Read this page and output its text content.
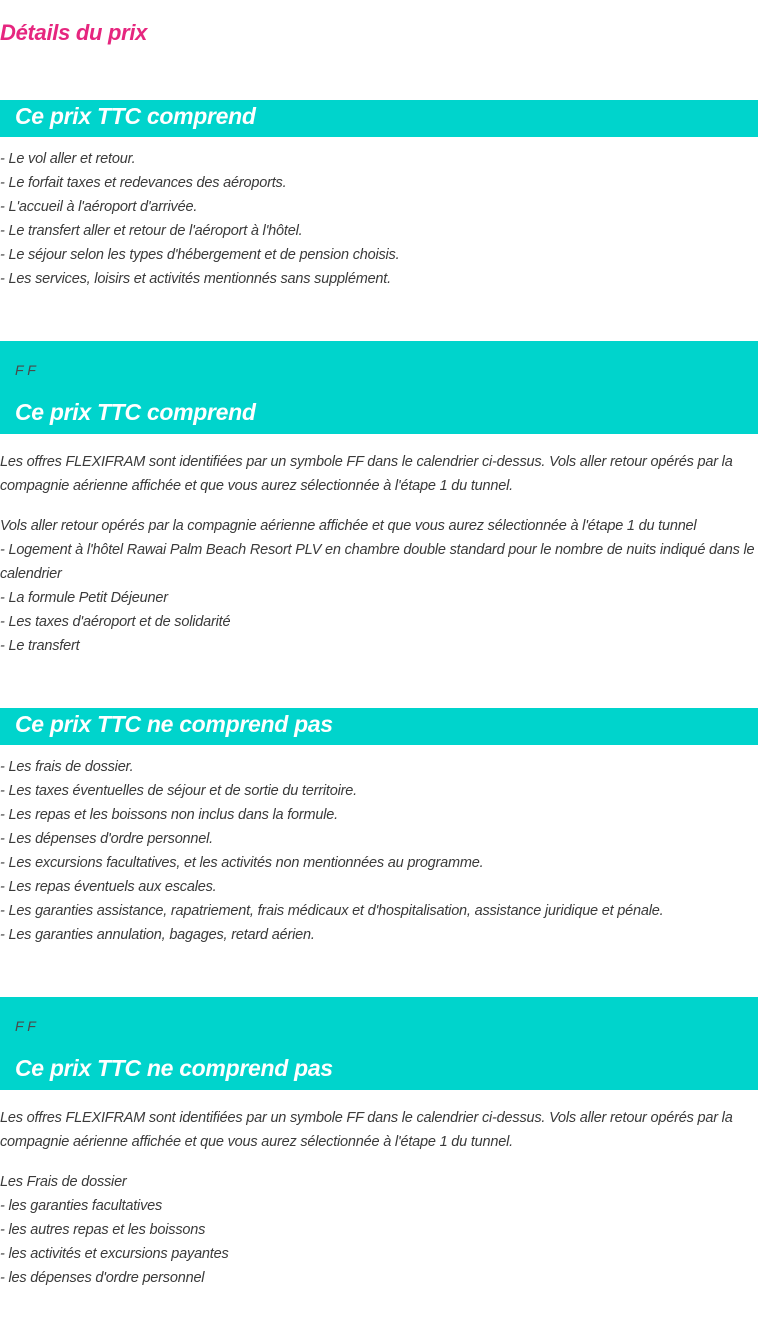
Détails du prix
Ce prix TTC comprend
- Le vol aller et retour.
- Le forfait taxes et redevances des aéroports.
- L'accueil à l'aéroport d'arrivée.
- Le transfert aller et retour de l'aéroport à l'hôtel.
- Le séjour selon les types d'hébergement et de pension choisis.
- Les services, loisirs et activités mentionnés sans supplément.
F F
Ce prix TTC comprend

Les offres FLEXIFRAM sont identifiées par un symbole FF dans le calendrier ci-dessus. Vols aller retour opérés par la compagnie aérienne affichée et que vous aurez sélectionnée à l'étape 1 du tunnel.

Vols aller retour opérés par la compagnie aérienne affichée et que vous aurez sélectionnée à l'étape 1 du tunnel
- Logement à l'hôtel Rawai Palm Beach Resort PLV en chambre double standard pour le nombre de nuits indiqué dans le calendrier
- La formule Petit Déjeuner
- Les taxes d'aéroport et de solidarité
- Le transfert
Ce prix TTC ne comprend pas
- Les frais de dossier.
- Les taxes éventuelles de séjour et de sortie du territoire.
- Les repas et les boissons non inclus dans la formule.
- Les dépenses d'ordre personnel.
- Les excursions facultatives, et les activités non mentionnées au programme.
- Les repas éventuels aux escales.
- Les garanties assistance, rapatriement, frais médicaux et d'hospitalisation, assistance juridique et pénale.
- Les garanties annulation, bagages, retard aérien.
F F
Ce prix TTC ne comprend pas

Les offres FLEXIFRAM sont identifiées par un symbole FF dans le calendrier ci-dessus. Vols aller retour opérés par la compagnie aérienne affichée et que vous aurez sélectionnée à l'étape 1 du tunnel.

Les Frais de dossier
- les garanties facultatives
- les autres repas et les boissons
- les activités et excursions payantes
- les dépenses d'ordre personnel
